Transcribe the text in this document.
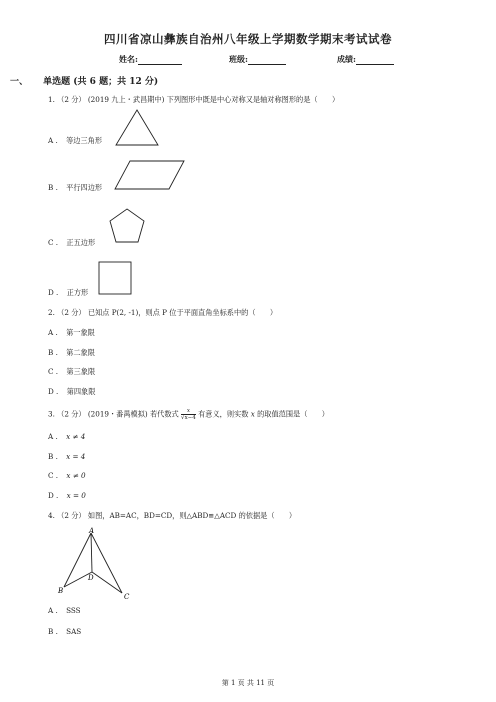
四川省凉山彝族自治州八年级上学期数学期末考试试卷
姓名:	班级:	成绩:
一、 单选题 (共 6 题；共 12 分)
1. （2 分） (2019 九上・武昌期中) 下列图形中既是中心对称又是轴对称图形的是（　　）
A . 等边三角形
B . 平行四边形
C . 正五边形
D . 正方形
2. （2 分） 已知点 P(2, -1)，则点 P 位于平面直角坐标系中的（　　）
A . 第一象限
B . 第二象限
C . 第三象限
D . 第四象限
3. （2 分） (2019・番禺模拟) 若代数式 $\frac{x}{√x-4}$ 有意义，则实数 x 的取值范围是（　　）
A . x ≠ 4
B . x = 4
C . x ≠ 0
D . x = 0
4. （2 分） 如图，AB=AC，BD=CD，则△ABD≌△ACD 的依据是（　　）
A
B
C
D
A . SSS
B . SAS
第 1 页 共 11 页
